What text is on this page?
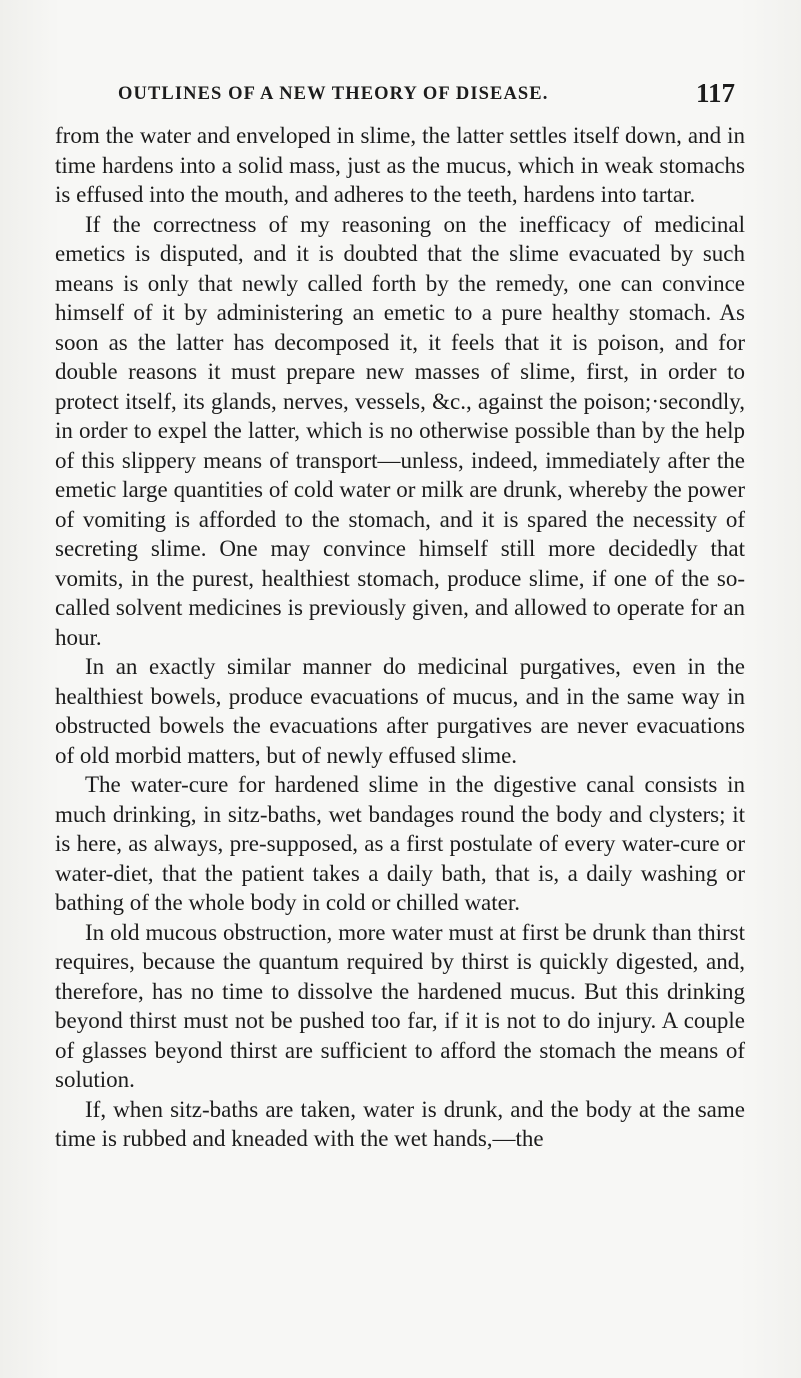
OUTLINES OF A NEW THEORY OF DISEASE.	117

from the water and enveloped in slime, the latter settles itself down, and in time hardens into a solid mass, just as the mucus, which in weak stomachs is effused into the mouth, and adheres to the teeth, hardens into tartar.

If the correctness of my reasoning on the inefficacy of medicinal emetics is disputed, and it is doubted that the slime evacuated by such means is only that newly called forth by the remedy, one can convince himself of it by administering an emetic to a pure healthy stomach. As soon as the latter has decomposed it, it feels that it is poison, and for double reasons it must prepare new masses of slime, first, in order to protect itself, its glands, nerves, vessels, &c., against the poison;·secondly, in order to expel the latter, which is no otherwise possible than by the help of this slippery means of transport—unless, indeed, immediately after the emetic large quantities of cold water or milk are drunk, whereby the power of vomiting is afforded to the stomach, and it is spared the necessity of secreting slime. One may convince himself still more decidedly that vomits, in the purest, healthiest stomach, produce slime, if one of the so-called solvent medicines is previously given, and allowed to operate for an hour.

In an exactly similar manner do medicinal purgatives, even in the healthiest bowels, produce evacuations of mucus, and in the same way in obstructed bowels the evacuations after purgatives are never evacuations of old morbid matters, but of newly effused slime.

The water-cure for hardened slime in the digestive canal consists in much drinking, in sitz-baths, wet bandages round the body and clysters; it is here, as always, pre-supposed, as a first postulate of every water-cure or water-diet, that the patient takes a daily bath, that is, a daily washing or bathing of the whole body in cold or chilled water.

In old mucous obstruction, more water must at first be drunk than thirst requires, because the quantum required by thirst is quickly digested, and, therefore, has no time to dissolve the hardened mucus. But this drinking beyond thirst must not be pushed too far, if it is not to do injury. A couple of glasses beyond thirst are sufficient to afford the stomach the means of solution.

If, when sitz-baths are taken, water is drunk, and the body at the same time is rubbed and kneaded with the wet hands,—the
